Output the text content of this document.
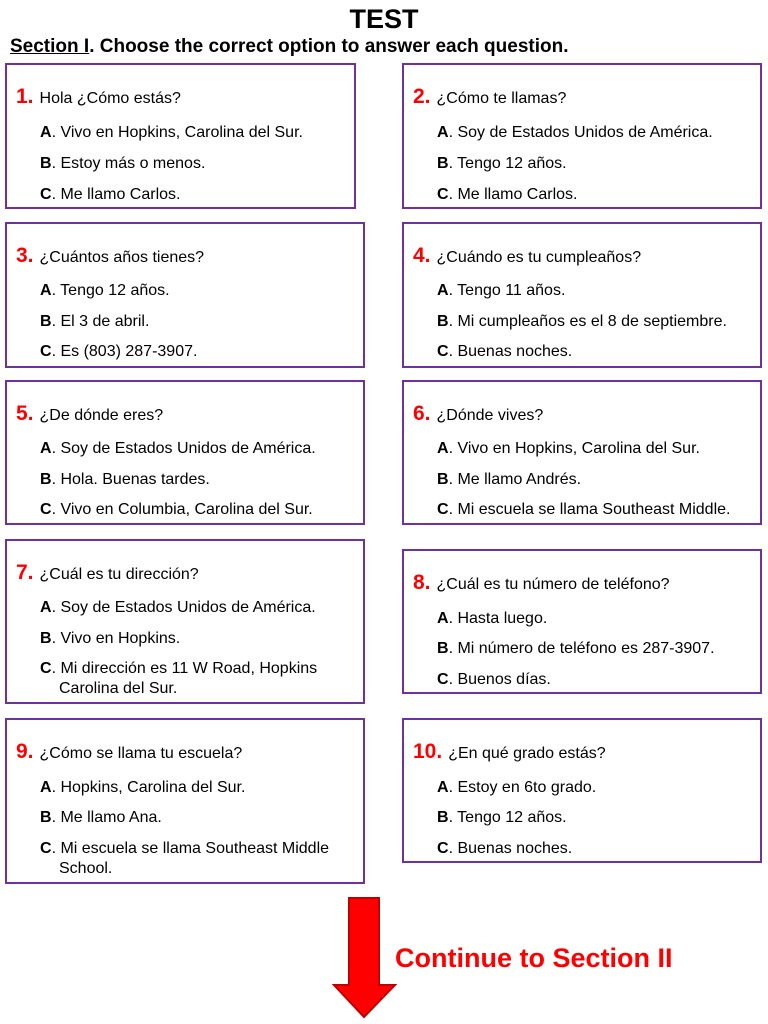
TEST
Section I. Choose the correct option to answer each question.
1. Hola ¿Cómo estás?
A. Vivo en Hopkins, Carolina del Sur.
B. Estoy más o menos.
C. Me llamo Carlos.
2. ¿Cómo te llamas?
A. Soy de Estados Unidos de América.
B. Tengo 12 años.
C. Me llamo Carlos.
3. ¿Cuántos años tienes?
A. Tengo 12 años.
B. El 3 de abril.
C. Es (803) 287-3907.
4. ¿Cuándo es tu cumpleaños?
A. Tengo 11 años.
B. Mi cumpleaños es el 8 de septiembre.
C. Buenas noches.
5. ¿De dónde eres?
A. Soy de Estados Unidos de América.
B. Hola. Buenas tardes.
C. Vivo en Columbia, Carolina del Sur.
6. ¿Dónde vives?
A. Vivo en Hopkins, Carolina del Sur.
B. Me llamo Andrés.
C. Mi escuela se llama Southeast Middle.
7. ¿Cuál es tu dirección?
A. Soy de Estados Unidos de América.
B. Vivo en Hopkins.
C. Mi dirección es 11 W Road, Hopkins
Carolina del Sur.
8. ¿Cuál es tu número de teléfono?
A. Hasta luego.
B. Mi número de teléfono es 287-3907.
C. Buenos días.
9. ¿Cómo se llama tu escuela?
A. Hopkins, Carolina del Sur.
B. Me llamo Ana.
C. Mi escuela se llama Southeast Middle
School.
10. ¿En qué grado estás?
A. Estoy en 6to grado.
B. Tengo 12 años.
C. Buenas noches.
Continue to Section II
